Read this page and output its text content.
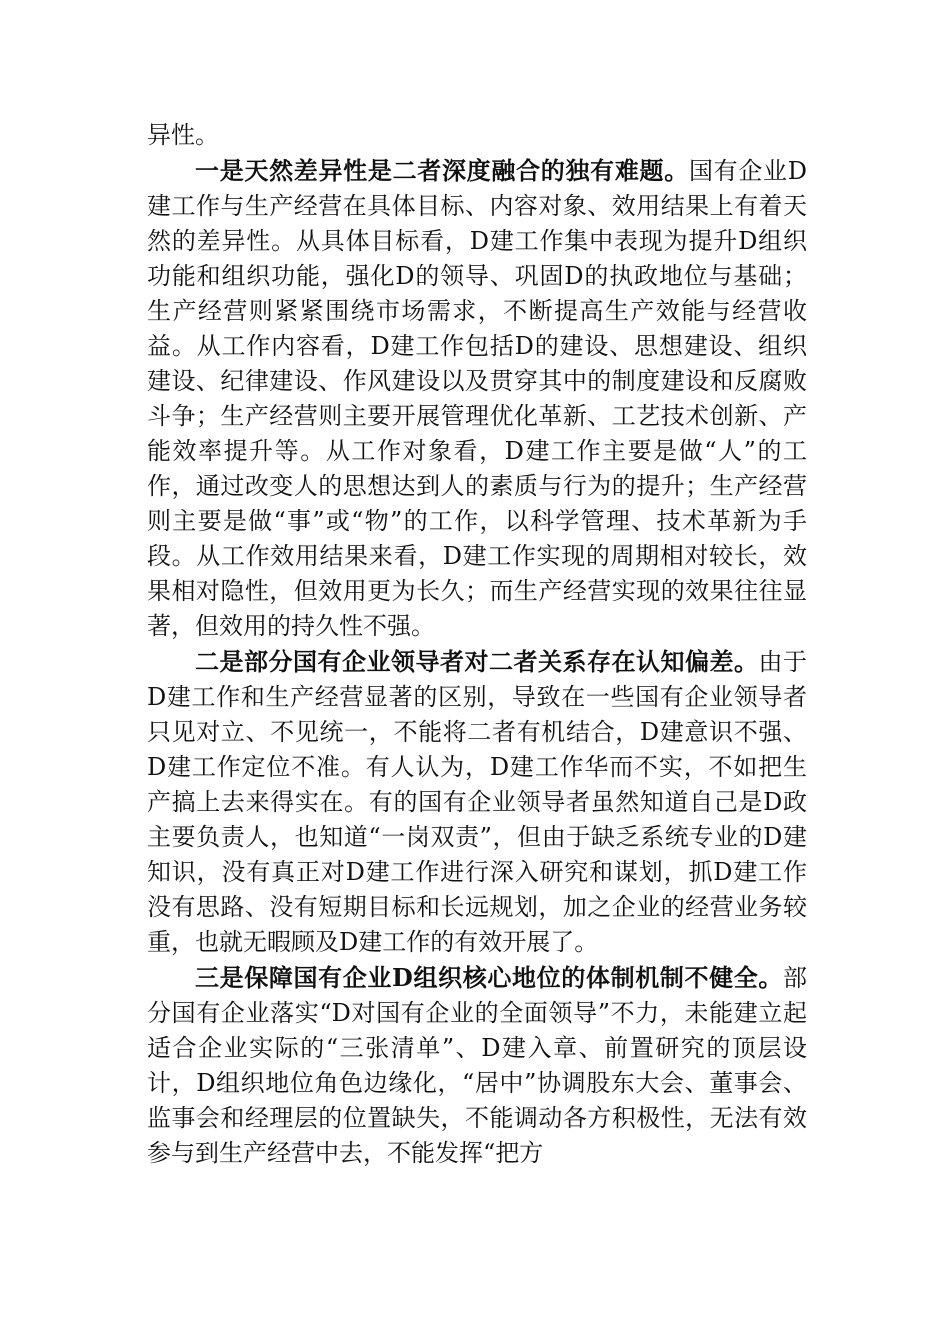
异性。

一是天然差异性是二者深度融合的独有难题。国有企业D建工作与生产经营在具体目标、内容对象、效用结果上有着天然的差异性。从具体目标看，D建工作集中表现为提升D组织功能和组织功能，强化D的领导、巩固D的执政地位与基础；生产经营则紧紧围绕市场需求，不断提高生产效能与经营收益。从工作内容看，D建工作包括D的建设、思想建设、组织建设、纪律建设、作风建设以及贯穿其中的制度建设和反腐败斗争；生产经营则主要开展管理优化革新、工艺技术创新、产能效率提升等。从工作对象看，D建工作主要是做“人”的工作，通过改变人的思想达到人的素质与行为的提升；生产经营则主要是做“事”或“物”的工作，以科学管理、技术革新为手段。从工作效用结果来看，D建工作实现的周期相对较长，效果相对隐性，但效用更为长久；而生产经营实现的效果往往显著，但效用的持久性不强。

二是部分国有企业领导者对二者关系存在认知偏差。由于D建工作和生产经营显著的区别，导致在一些国有企业领导者只见对立、不见统一，不能将二者有机结合，D建意识不强、D建工作定位不准。有人认为，D建工作华而不实，不如把生产搞上去来得实在。有的国有企业领导者虽然知道自己是D政主要负责人，也知道“一岗双责”，但由于缺乏系统专业的D建知识，没有真正对D建工作进行深入研究和谋划，抓D建工作没有思路、没有短期目标和长远规划，加之企业的经营业务较重，也就无暇顾及D建工作的有效开展了。

三是保障国有企业D组织核心地位的体制机制不健全。部分国有企业落实“D对国有企业的全面领导”不力，未能建立起适合企业实际的“三张清单”、D建入章、前置研究的顶层设计，D组织地位角色边缘化，“居中”协调股东大会、董事会、监事会和经理层的位置缺失，不能调动各方积极性，无法有效参与到生产经营中去，不能发挥“把方
